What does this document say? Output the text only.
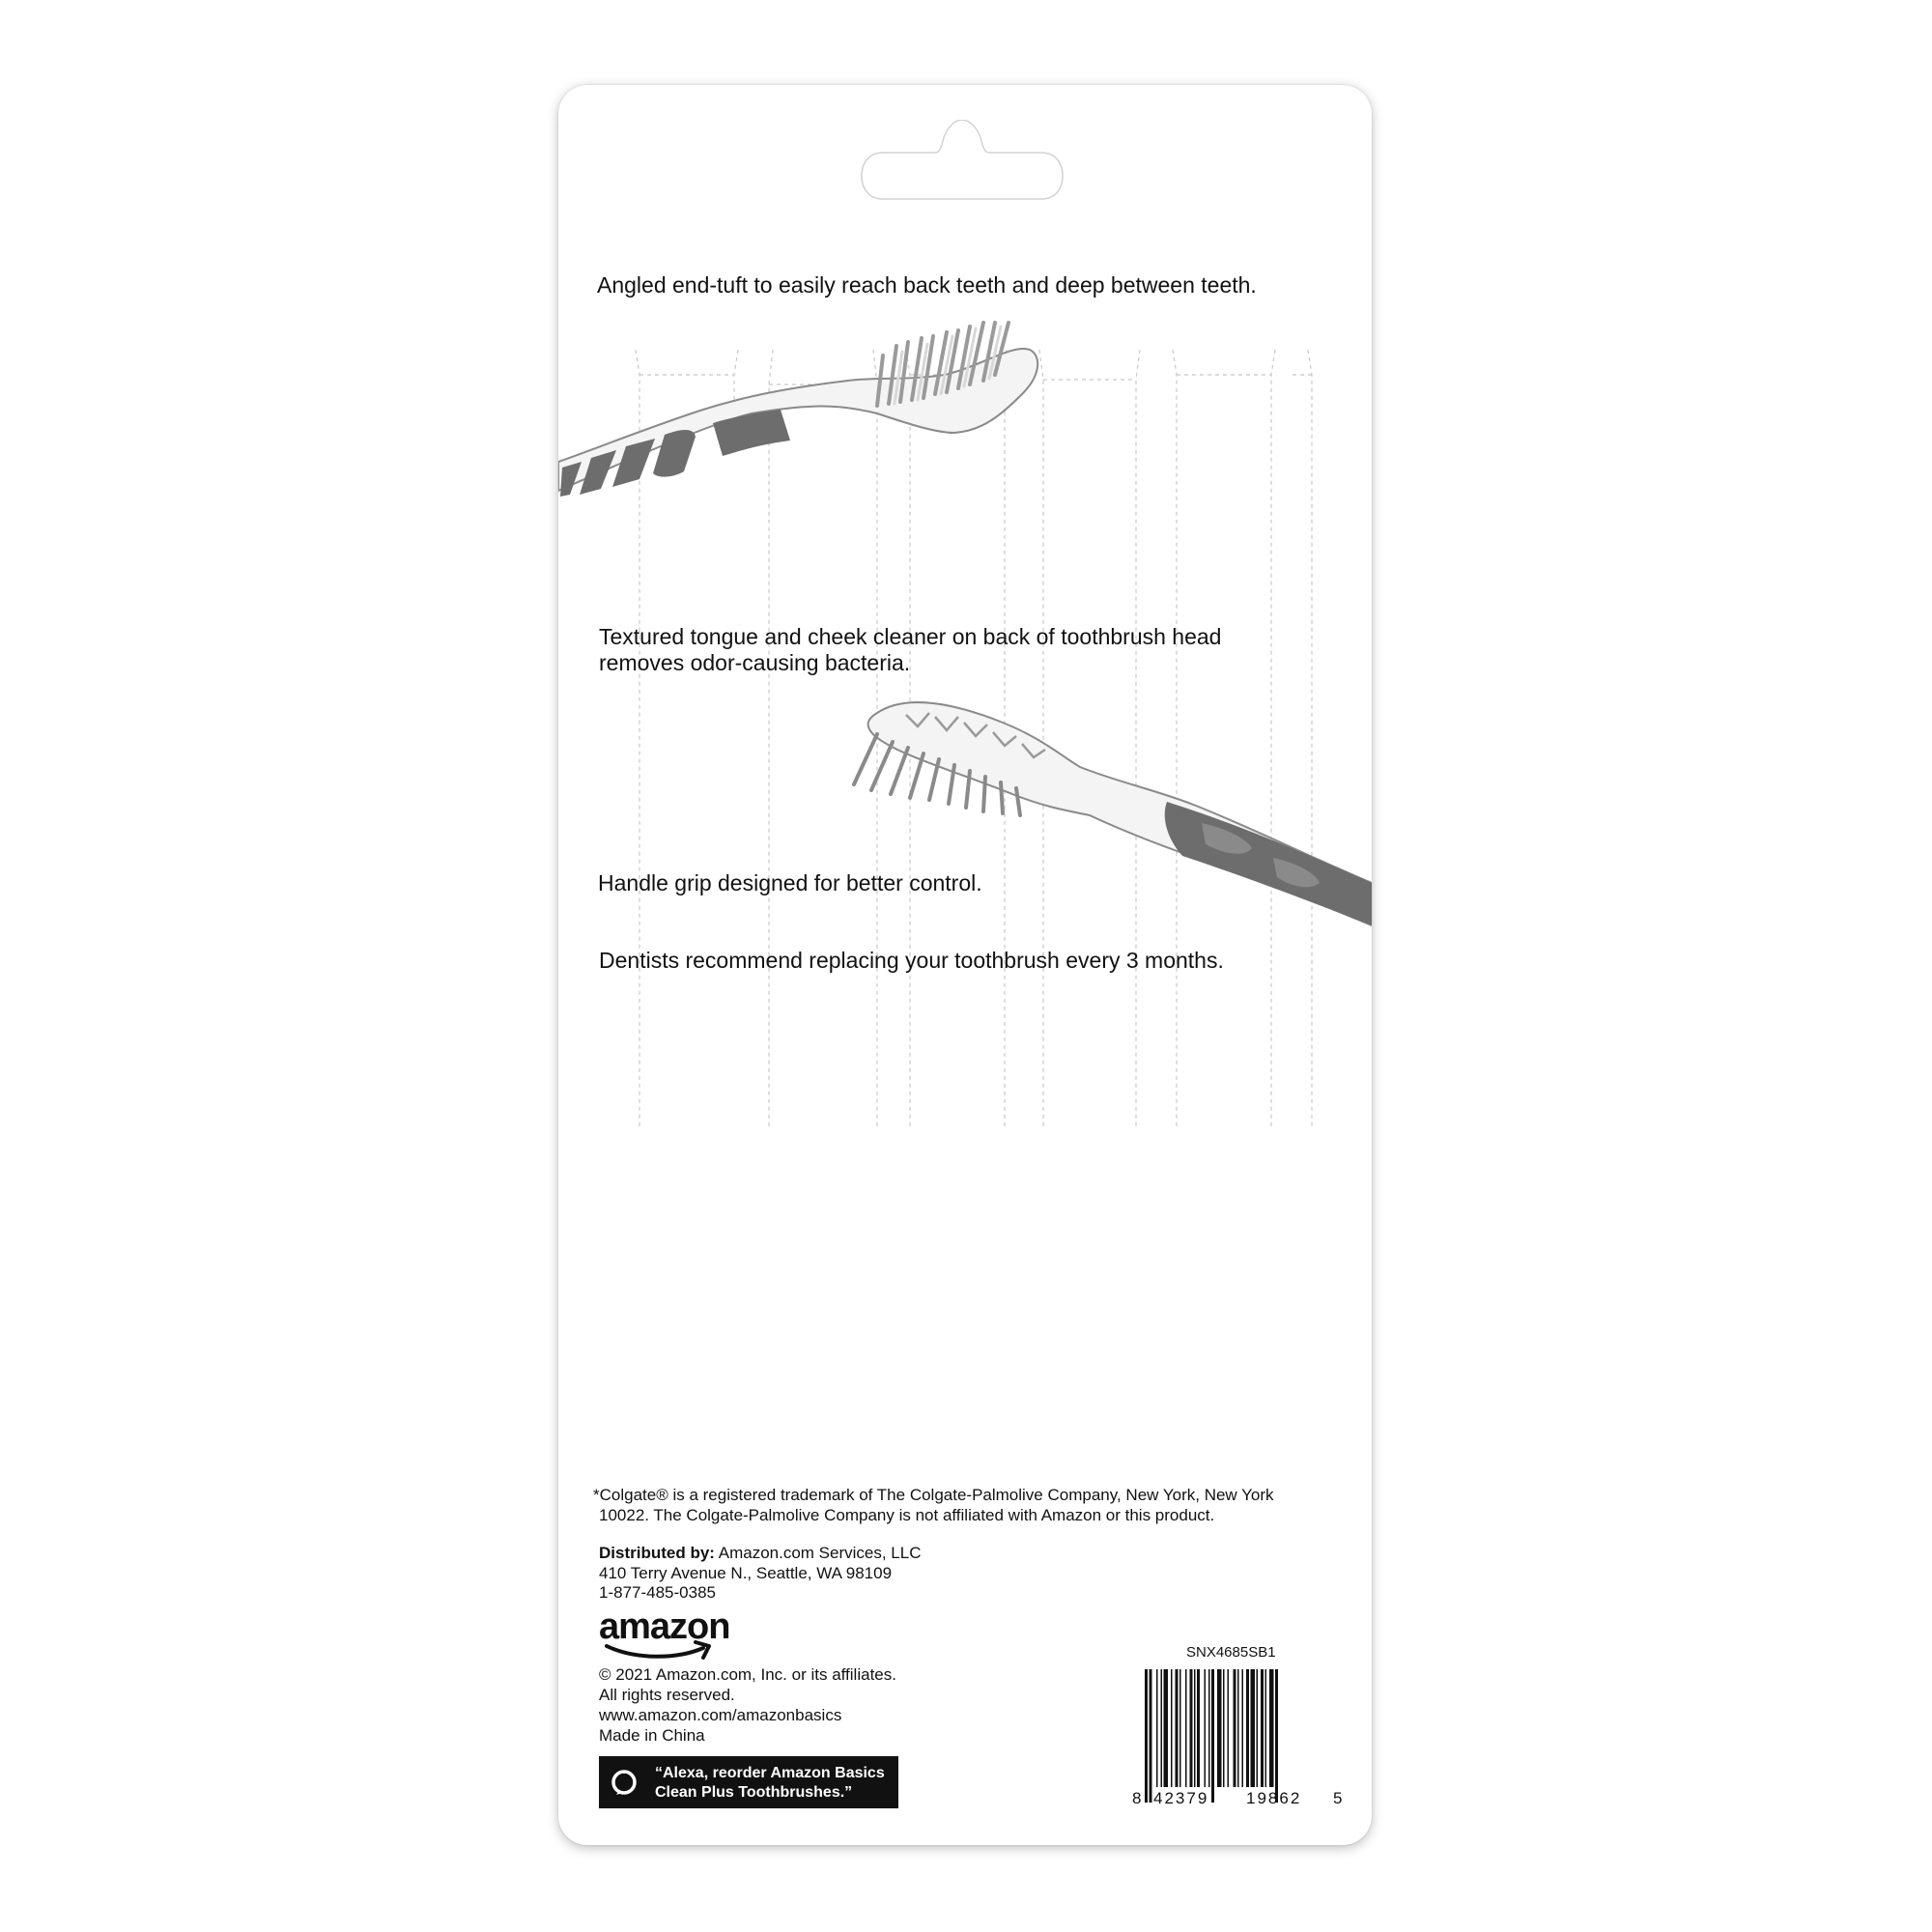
Angled end-tuft to easily reach back teeth and deep between teeth.

Textured tongue and cheek cleaner on back of toothbrush head

removes odor-causing bacteria.

Handle grip designed for better control.

Dentists recommend replacing your toothbrush every 3 months.

*Colgate® is a registered trademark of The Colgate-Palmolive Company, New York, New York

10022. The Colgate-Palmolive Company is not affiliated with Amazon or this product.

Distributed by: Amazon.com Services, LLC

410 Terry Avenue N., Seattle, WA 98109

1-877-485-0385

amazon

© 2021 Amazon.com, Inc. or its affiliates.

All rights reserved.

www.amazon.com/amazonbasics

Made in China

“Alexa, reorder Amazon Basics

Clean Plus Toothbrushes.”

SNX4685SB1
8 42379 19862 5
